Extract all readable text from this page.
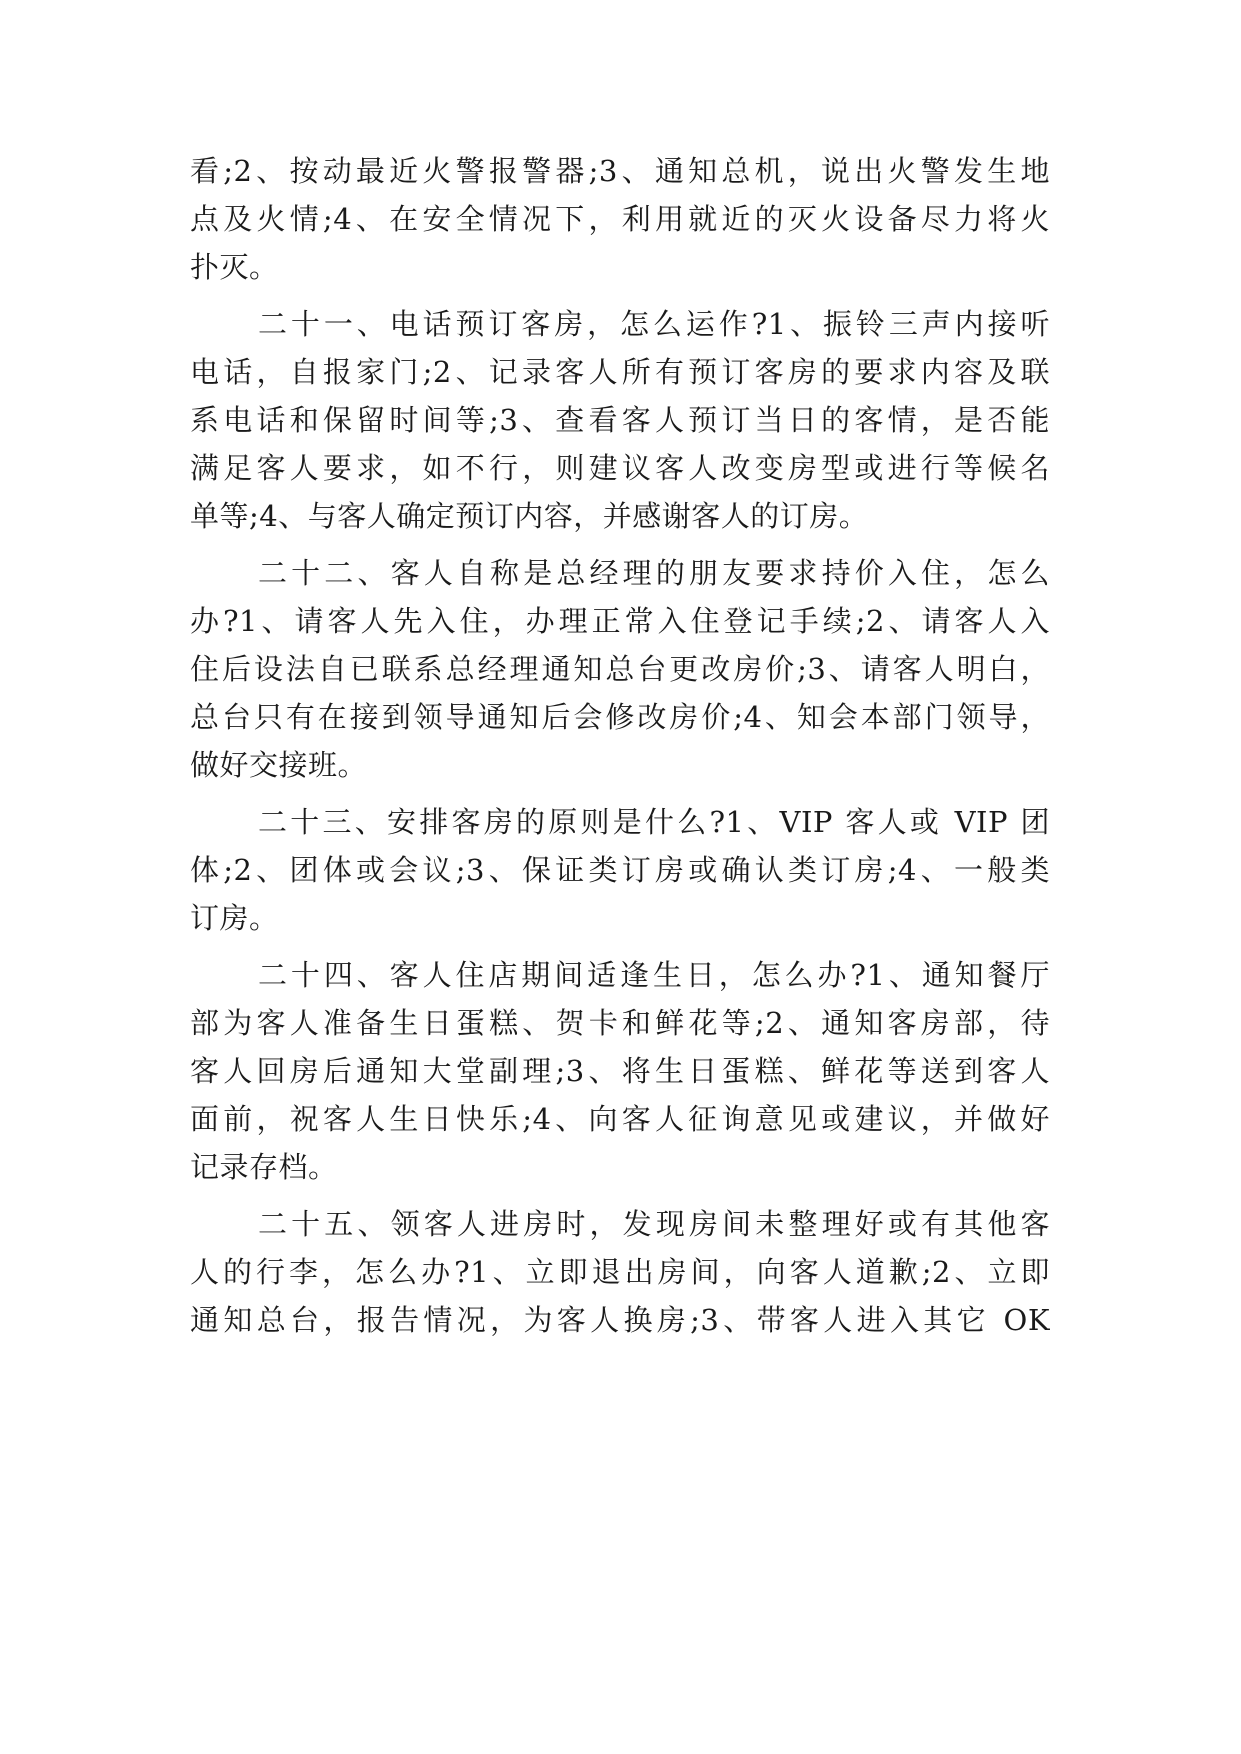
看;2、按动最近火警报警器;3、通知总机，说出火警发生地
点及火情;4、在安全情况下，利用就近的灭火设备尽力将火
扑灭。
二十一、电话预订客房，怎么运作?1、振铃三声内接听
电话，自报家门;2、记录客人所有预订客房的要求内容及联
系电话和保留时间等;3、查看客人预订当日的客情，是否能
满足客人要求，如不行，则建议客人改变房型或进行等候名
单等;4、与客人确定预订内容，并感谢客人的订房。
二十二、客人自称是总经理的朋友要求持价入住，怎么
办?1、请客人先入住，办理正常入住登记手续;2、请客人入
住后设法自已联系总经理通知总台更改房价;3、请客人明白，
总台只有在接到领导通知后会修改房价;4、知会本部门领导，
做好交接班。
二十三、安排客房的原则是什么?1、VIP 客人或 VIP 团
体;2、团体或会议;3、保证类订房或确认类订房;4、一般类
订房。
二十四、客人住店期间适逢生日，怎么办?1、通知餐厅
部为客人准备生日蛋糕、贺卡和鲜花等;2、通知客房部，待
客人回房后通知大堂副理;3、将生日蛋糕、鲜花等送到客人
面前，祝客人生日快乐;4、向客人征询意见或建议，并做好
记录存档。
二十五、领客人进房时，发现房间未整理好或有其他客
人的行李，怎么办?1、立即退出房间，向客人道歉;2、立即
通知总台，报告情况，为客人换房;3、带客人进入其它 OK
